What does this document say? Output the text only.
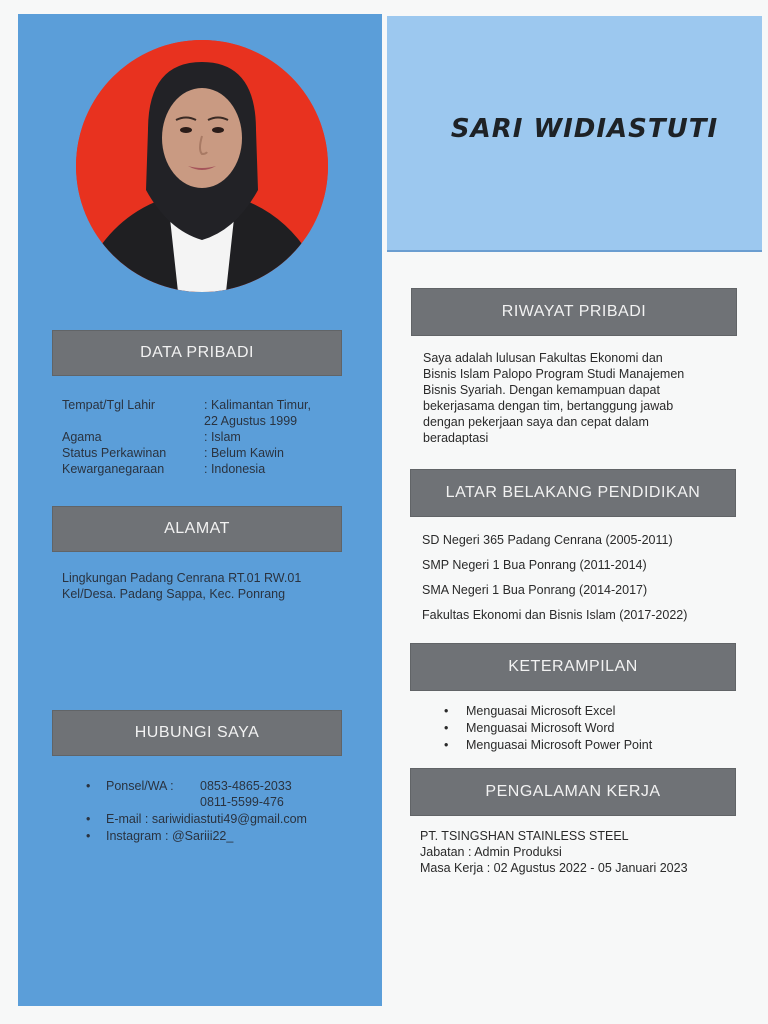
DATA PRIBADI
Tempat/Tgl Lahir	: Kalimantan Timur,
22 Agustus 1999
Agama	: Islam
Status Perkawinan	: Belum Kawin
Kewarganegaraan	: Indonesia
ALAMAT
Lingkungan Padang Cenrana RT.01 RW.01
Kel/Desa. Padang Sappa, Kec. Ponrang
HUBUNGI SAYA
• Ponsel/WA :	0853-4865-2033
0811-5599-476
• E-mail : sariwidiastuti49@gmail.com
• Instagram : @Sariii22_
SARI WIDIASTUTI
RIWAYAT PRIBADI
Saya adalah lulusan Fakultas Ekonomi dan
Bisnis Islam Palopo Program Studi Manajemen
Bisnis Syariah. Dengan kemampuan dapat
bekerjasama dengan tim, bertanggung jawab
dengan pekerjaan saya dan cepat dalam
beradaptasi
LATAR BELAKANG PENDIDIKAN
SD Negeri 365 Padang Cenrana (2005-2011)
SMP Negeri 1 Bua Ponrang (2011-2014)
SMA Negeri 1 Bua Ponrang (2014-2017)
Fakultas Ekonomi dan Bisnis Islam (2017-2022)
KETERAMPILAN
• Menguasai Microsoft Excel
• Menguasai Microsoft Word
• Menguasai Microsoft Power Point
PENGALAMAN KERJA
PT. TSINGSHAN STAINLESS STEEL
Jabatan : Admin Produksi
Masa Kerja : 02 Agustus 2022 - 05 Januari 2023
